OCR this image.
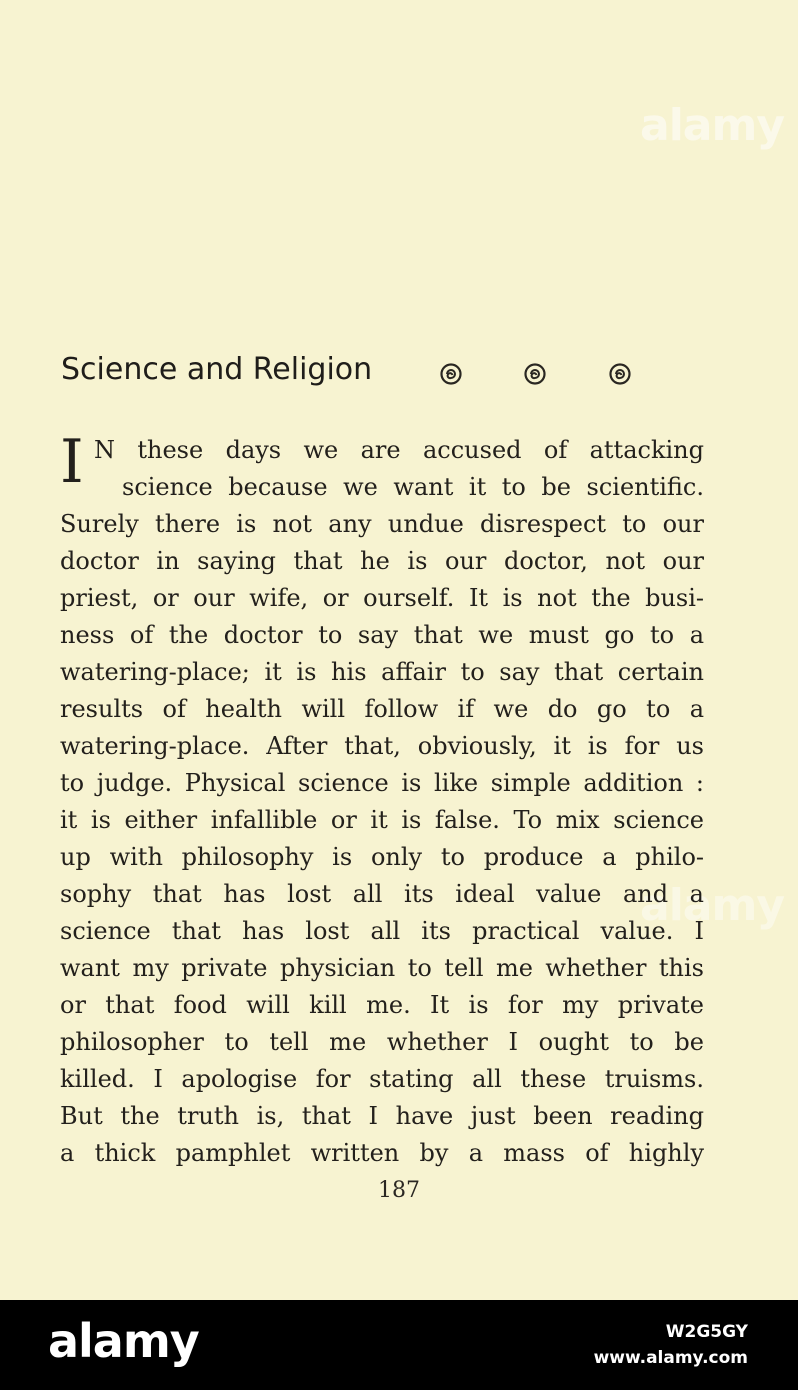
alamy
alamy
Science and Religion
I N these days we are accused of attacking
science because we want it to be scientific.
Surely there is not any undue disrespect to our
doctor in saying that he is our doctor, not our
priest, or our wife, or ourself. It is not the busi-
ness of the doctor to say that we must go to a
watering-place; it is his affair to say that certain
results of health will follow if we do go to a
watering-place. After that, obviously, it is for us
to judge. Physical science is like simple addition :
it is either infallible or it is false. To mix science
up with philosophy is only to produce a philo-
sophy that has lost all its ideal value and a
science that has lost all its practical value. I
want my private physician to tell me whether this
or that food will kill me. It is for my private
philosopher to tell me whether I ought to be
killed. I apologise for stating all these truisms.
But the truth is, that I have just been reading
a thick pamphlet written by a mass of highly
187
alamy	W2G5GY
www.alamy.com
